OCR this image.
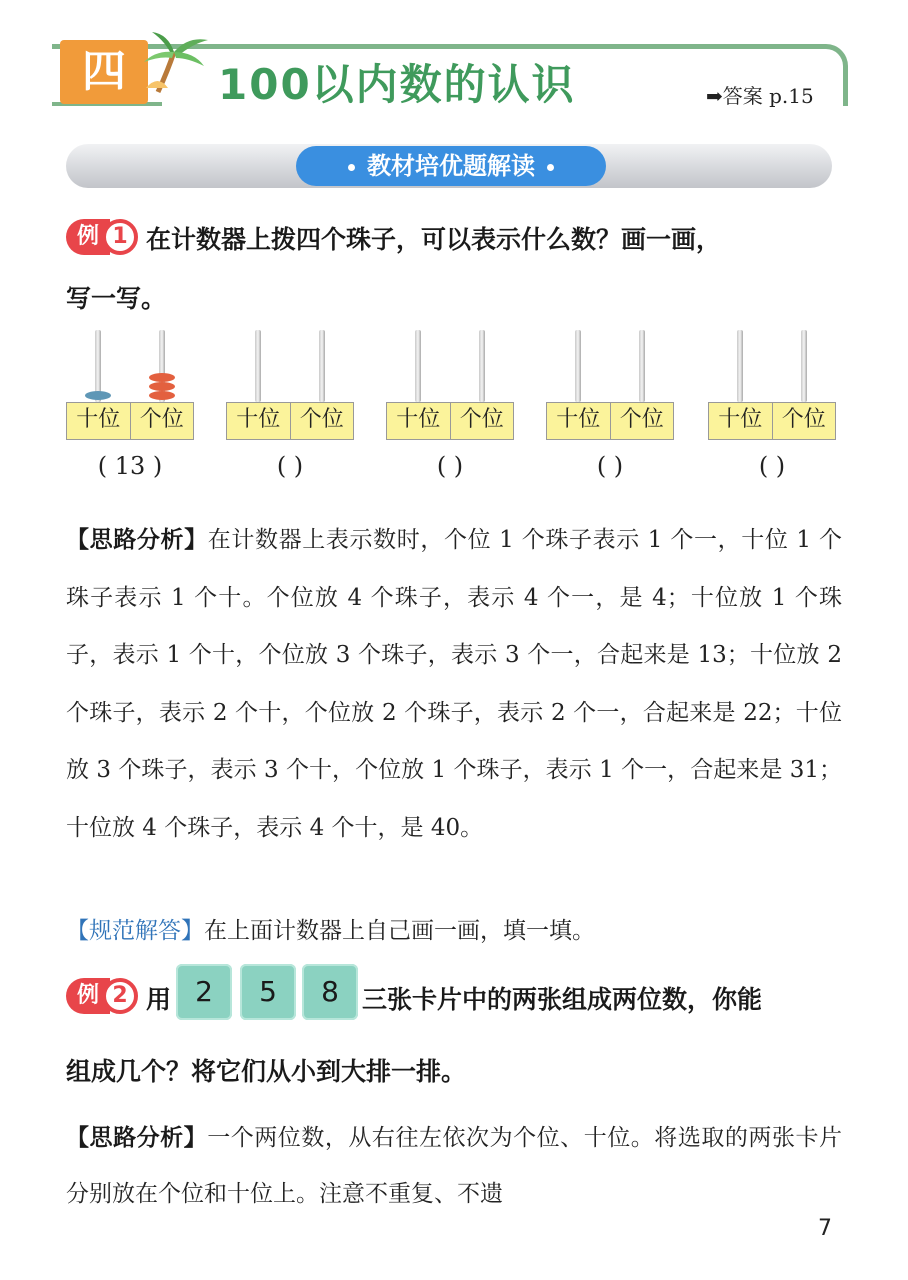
四	100以内数的认识	➡答案 p.15
教材培优题解读
例 1 在计数器上拨四个珠子，可以表示什么数？画一画，
写一写。
十位 个位	十位 个位	十位 个位	十位 个位	十位 个位
( 13 )	( )	( )	( )	( )
【思路分析】在计数器上表示数时，个位 1 个珠子表示 1 个一，十位 1 个珠子表示 1 个十。个位放 4 个珠子，表示 4 个一，是 4；十位放 1 个珠子，表示 1 个十，个位放 3 个珠子，表示 3 个一，合起来是 13；十位放 2 个珠子，表示 2 个十，个位放 2 个珠子，表示 2 个一，合起来是 22；十位放 3 个珠子，表示 3 个十，个位放 1 个珠子，表示 1 个一，合起来是 31；十位放 4 个珠子，表示 4 个十，是 40。
【规范解答】在上面计数器上自己画一画，填一填。
例 2 用 2	5	8 三张卡片中的两张组成两位数，你能
组成几个？将它们从小到大排一排。
【思路分析】一个两位数，从右往左依次为个位、十位。将选取的两张卡片分别放在个位和十位上。注意不重复、不遗
7
